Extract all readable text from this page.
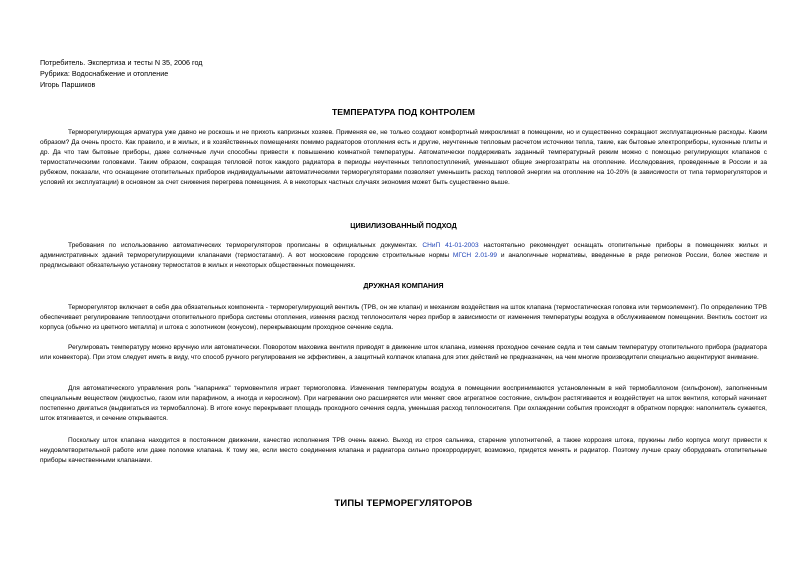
Потребитель. Экспертиза и тесты N 35, 2006 год
Рубрика: Водоснабжение и отопление
Игорь Паршиков
ТЕМПЕРАТУРА ПОД КОНТРОЛЕМ

Терморегулирующая арматура уже давно не роскошь и не прихоть капризных хозяев. Применяя ее, не только создают комфортный микроклимат в помещении, но и существенно сокращают эксплуатационные расходы. Каким образом? Да очень просто. Как правило, и в жилых, и в хозяйственных помещениях помимо радиаторов отопления есть и другие, неучтенные тепловым расчетом источники тепла, такие, как бытовые электроприборы, кухонные плиты и др. Да что там бытовые приборы, даже солнечные лучи способны привести к повышению комнатной температуры. Автоматически поддерживать заданный температурный режим можно с помощью регулирующих клапанов с термостатическими головками. Таким образом, сокращая тепловой поток каждого радиатора в периоды неучтенных теплопоступлений, уменьшают общие энергозатраты на отопление. Исследования, проведенные в России и за рубежом, показали, что оснащение отопительных приборов индивидуальными автоматическими терморегуляторами позволяет уменьшить расход тепловой энергии на отопление на 10-20% (в зависимости от типа терморегуляторов и условий их эксплуатации) в основном за счет снижения перегрева помещения. А в некоторых частных случаях экономия может быть существенно выше.

ЦИВИЛИЗОВАННЫЙ ПОДХОД

Требования по использованию автоматических терморегуляторов прописаны в официальных документах. СНиП 41-01-2003 настоятельно рекомендует оснащать отопительные приборы в помещениях жилых и административных зданий терморегулирующими клапанами (термостатами). А вот московские городские строительные нормы МГСН 2.01-99 и аналогичные нормативы, введенные в ряде регионов России, более жесткие и предписывают обязательную установку термостатов в жилых и некоторых общественных помещениях.

ДРУЖНАЯ КОМПАНИЯ

Терморегулятор включает в себя два обязательных компонента - терморегулирующий вентиль (ТРВ, он же клапан) и механизм воздействия на шток клапана (термостатическая головка или термоэлемент). По определению ТРВ обеспечивает регулирование теплоотдачи отопительного прибора системы отопления, изменяя расход теплоносителя через прибор в зависимости от изменения температуры воздуха в обслуживаемом помещении. Вентиль состоит из корпуса (обычно из цветного металла) и штока с золотником (конусом), перекрывающим проходное сечение седла.

Регулировать температуру можно вручную или автоматически. Поворотом маховика вентиля приводят в движение шток клапана, изменяя проходное сечение седла и тем самым температуру отопительного прибора (радиатора или конвектора). При этом следует иметь в виду, что способ ручного регулирования не эффективен, а защитный колпачок клапана для этих действий не предназначен, на чем многие производители специально акцентируют внимание.

Для автоматического управления роль "напарника" термовентиля играет термоголовка. Изменения температуры воздуха в помещении воспринимаются установленным в ней термобаллоном (сильфоном), заполненным специальным веществом (жидкостью, газом или парафином, а иногда и керосином). При нагревании оно расширяется или меняет свое агрегатное состояние, сильфон растягивается и воздействует на шток вентиля, который начинает постепенно двигаться (выдвигаться из термобаллона). В итоге конус перекрывает площадь проходного сечения седла, уменьшая расход теплоносителя. При охлаждении события происходят в обратном порядке: наполнитель сужается, шток втягивается, и сечение открывается.

Поскольку шток клапана находится в постоянном движении, качество исполнения ТРВ очень важно. Выход из строя сальника, старение уплотнителей, а также коррозия штока, пружины либо корпуса могут привести к неудовлетворительной работе или даже поломке клапана. К тому же, если место соединения клапана и радиатора сильно прокорродирует, возможно, придется менять и радиатор. Поэтому лучше сразу оборудовать отопительные приборы качественными клапанами.

ТИПЫ ТЕРМОРЕГУЛЯТОРОВ
